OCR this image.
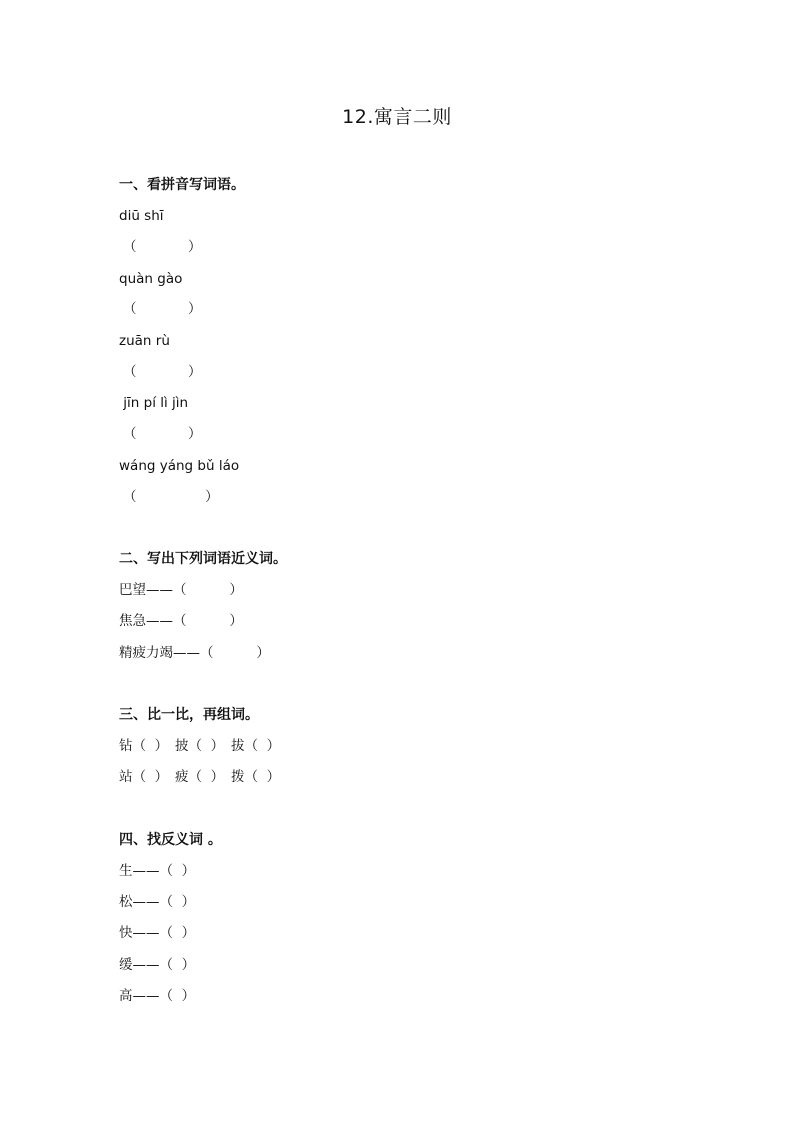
12.寓言二则
一、看拼音写词语。
diū shī
（            ）
quàn gào
（            ）
zuān rù
（            ）
jīn pí lì jìn
（            ）
wáng yáng bǔ láo
（                ）
二、写出下列词语近义词。
巴望——（          ）
焦急——（          ）
精疲力竭——（          ）
三、比一比，再组词。
钻（  ） 披（  ） 拔（  ）
站（  ） 疲（  ） 拨（  ）
四、找反义词 。
生——（  ）
松——（  ）
快——（  ）
缓——（  ）
高——（  ）
